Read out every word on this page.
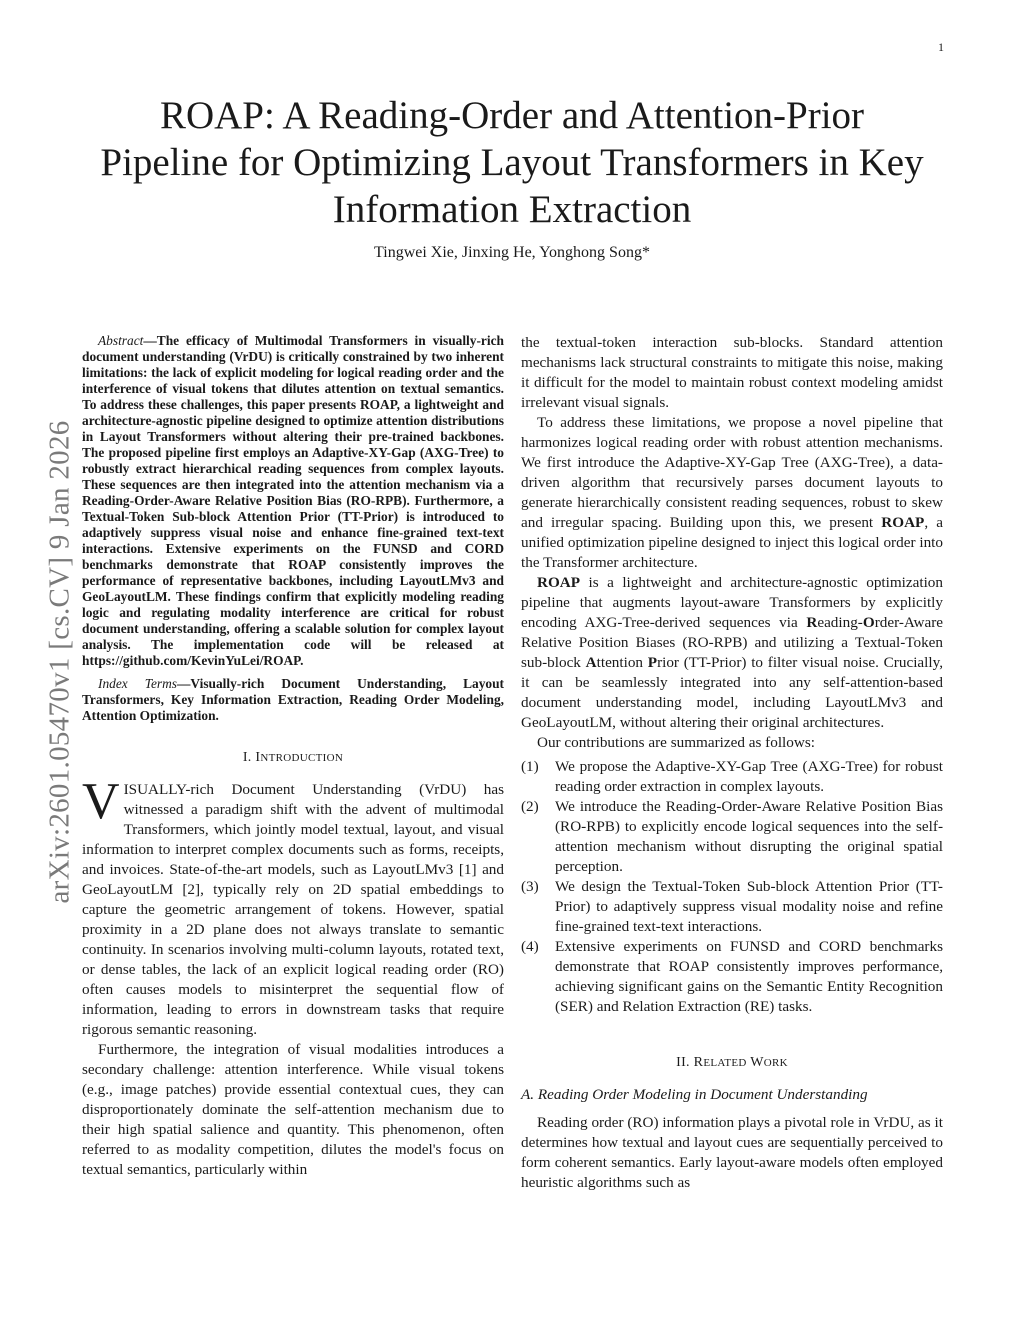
1
arXiv:2601.05470v1 [cs.CV] 9 Jan 2026
ROAP: A Reading-Order and Attention-Prior Pipeline for Optimizing Layout Transformers in Key Information Extraction
Tingwei Xie, Jinxing He, Yonghong Song*

Abstract—The efficacy of Multimodal Transformers in visually-rich document understanding (VrDU) is critically constrained by two inherent limitations: the lack of explicit modeling for logical reading order and the interference of visual tokens that dilutes attention on textual semantics. To address these challenges, this paper presents ROAP, a lightweight and architecture-agnostic pipeline designed to optimize attention distributions in Layout Transformers without altering their pre-trained backbones. The proposed pipeline first employs an Adaptive-XY-Gap (AXG-Tree) to robustly extract hierarchical reading sequences from complex layouts. These sequences are then integrated into the attention mechanism via a Reading-Order-Aware Relative Position Bias (RO-RPB). Furthermore, a Textual-Token Sub-block Attention Prior (TT-Prior) is introduced to adaptively suppress visual noise and enhance fine-grained text-text interactions. Extensive experiments on the FUNSD and CORD benchmarks demonstrate that ROAP consistently improves the performance of representative backbones, including LayoutLMv3 and GeoLayoutLM. These findings confirm that explicitly modeling reading logic and regulating modality interference are critical for robust document understanding, offering a scalable solution for complex layout analysis. The implementation code will be released at https://github.com/KevinYuLei/ROAP.

Index Terms—Visually-rich Document Understanding, Layout Transformers, Key Information Extraction, Reading Order Modeling, Attention Optimization.

I. INTRODUCTION

VISUALLY-rich Document Understanding (VrDU) has witnessed a paradigm shift with the advent of multimodal Transformers, which jointly model textual, layout, and visual information to interpret complex documents such as forms, receipts, and invoices. State-of-the-art models, such as LayoutLMv3 [1] and GeoLayoutLM [2], typically rely on 2D spatial embeddings to capture the geometric arrangement of tokens. However, spatial proximity in a 2D plane does not always translate to semantic continuity. In scenarios involving multi-column layouts, rotated text, or dense tables, the lack of an explicit logical reading order (RO) often causes models to misinterpret the sequential flow of information, leading to errors in downstream tasks that require rigorous semantic reasoning.

Furthermore, the integration of visual modalities introduces a secondary challenge: attention interference. While visual tokens (e.g., image patches) provide essential contextual cues, they can disproportionately dominate the self-attention mechanism due to their high spatial salience and quantity. This phenomenon, often referred to as modality competition, dilutes the model's focus on textual semantics, particularly within

the textual-token interaction sub-blocks. Standard attention mechanisms lack structural constraints to mitigate this noise, making it difficult for the model to maintain robust context modeling amidst irrelevant visual signals.

To address these limitations, we propose a novel pipeline that harmonizes logical reading order with robust attention mechanisms. We first introduce the Adaptive-XY-Gap Tree (AXG-Tree), a data-driven algorithm that recursively parses document layouts to generate hierarchically consistent reading sequences, robust to skew and irregular spacing. Building upon this, we present ROAP, a unified optimization pipeline designed to inject this logical order into the Transformer architecture.

ROAP is a lightweight and architecture-agnostic optimization pipeline that augments layout-aware Transformers by explicitly encoding AXG-Tree-derived sequences via Reading-Order-Aware Relative Position Biases (RO-RPB) and utilizing a Textual-Token sub-block Attention Prior (TT-Prior) to filter visual noise. Crucially, it can be seamlessly integrated into any self-attention-based document understanding model, including LayoutLMv3 and GeoLayoutLM, without altering their original architectures.

Our contributions are summarized as follows:

(1)	We propose the Adaptive-XY-Gap Tree (AXG-Tree) for robust reading order extraction in complex layouts.
(2)	We introduce the Reading-Order-Aware Relative Position Bias (RO-RPB) to explicitly encode logical sequences into the self-attention mechanism without disrupting the original spatial perception.
(3)	We design the Textual-Token Sub-block Attention Prior (TT-Prior) to adaptively suppress visual modality noise and refine fine-grained text-text interactions.
(4)	Extensive experiments on FUNSD and CORD benchmarks demonstrate that ROAP consistently improves performance, achieving significant gains on the Semantic Entity Recognition (SER) and Relation Extraction (RE) tasks.
II. RELATED WORK
A. Reading Order Modeling in Document Understanding

Reading order (RO) information plays a pivotal role in VrDU, as it determines how textual and layout cues are sequentially perceived to form coherent semantics. Early layout-aware models often employed heuristic algorithms such as
